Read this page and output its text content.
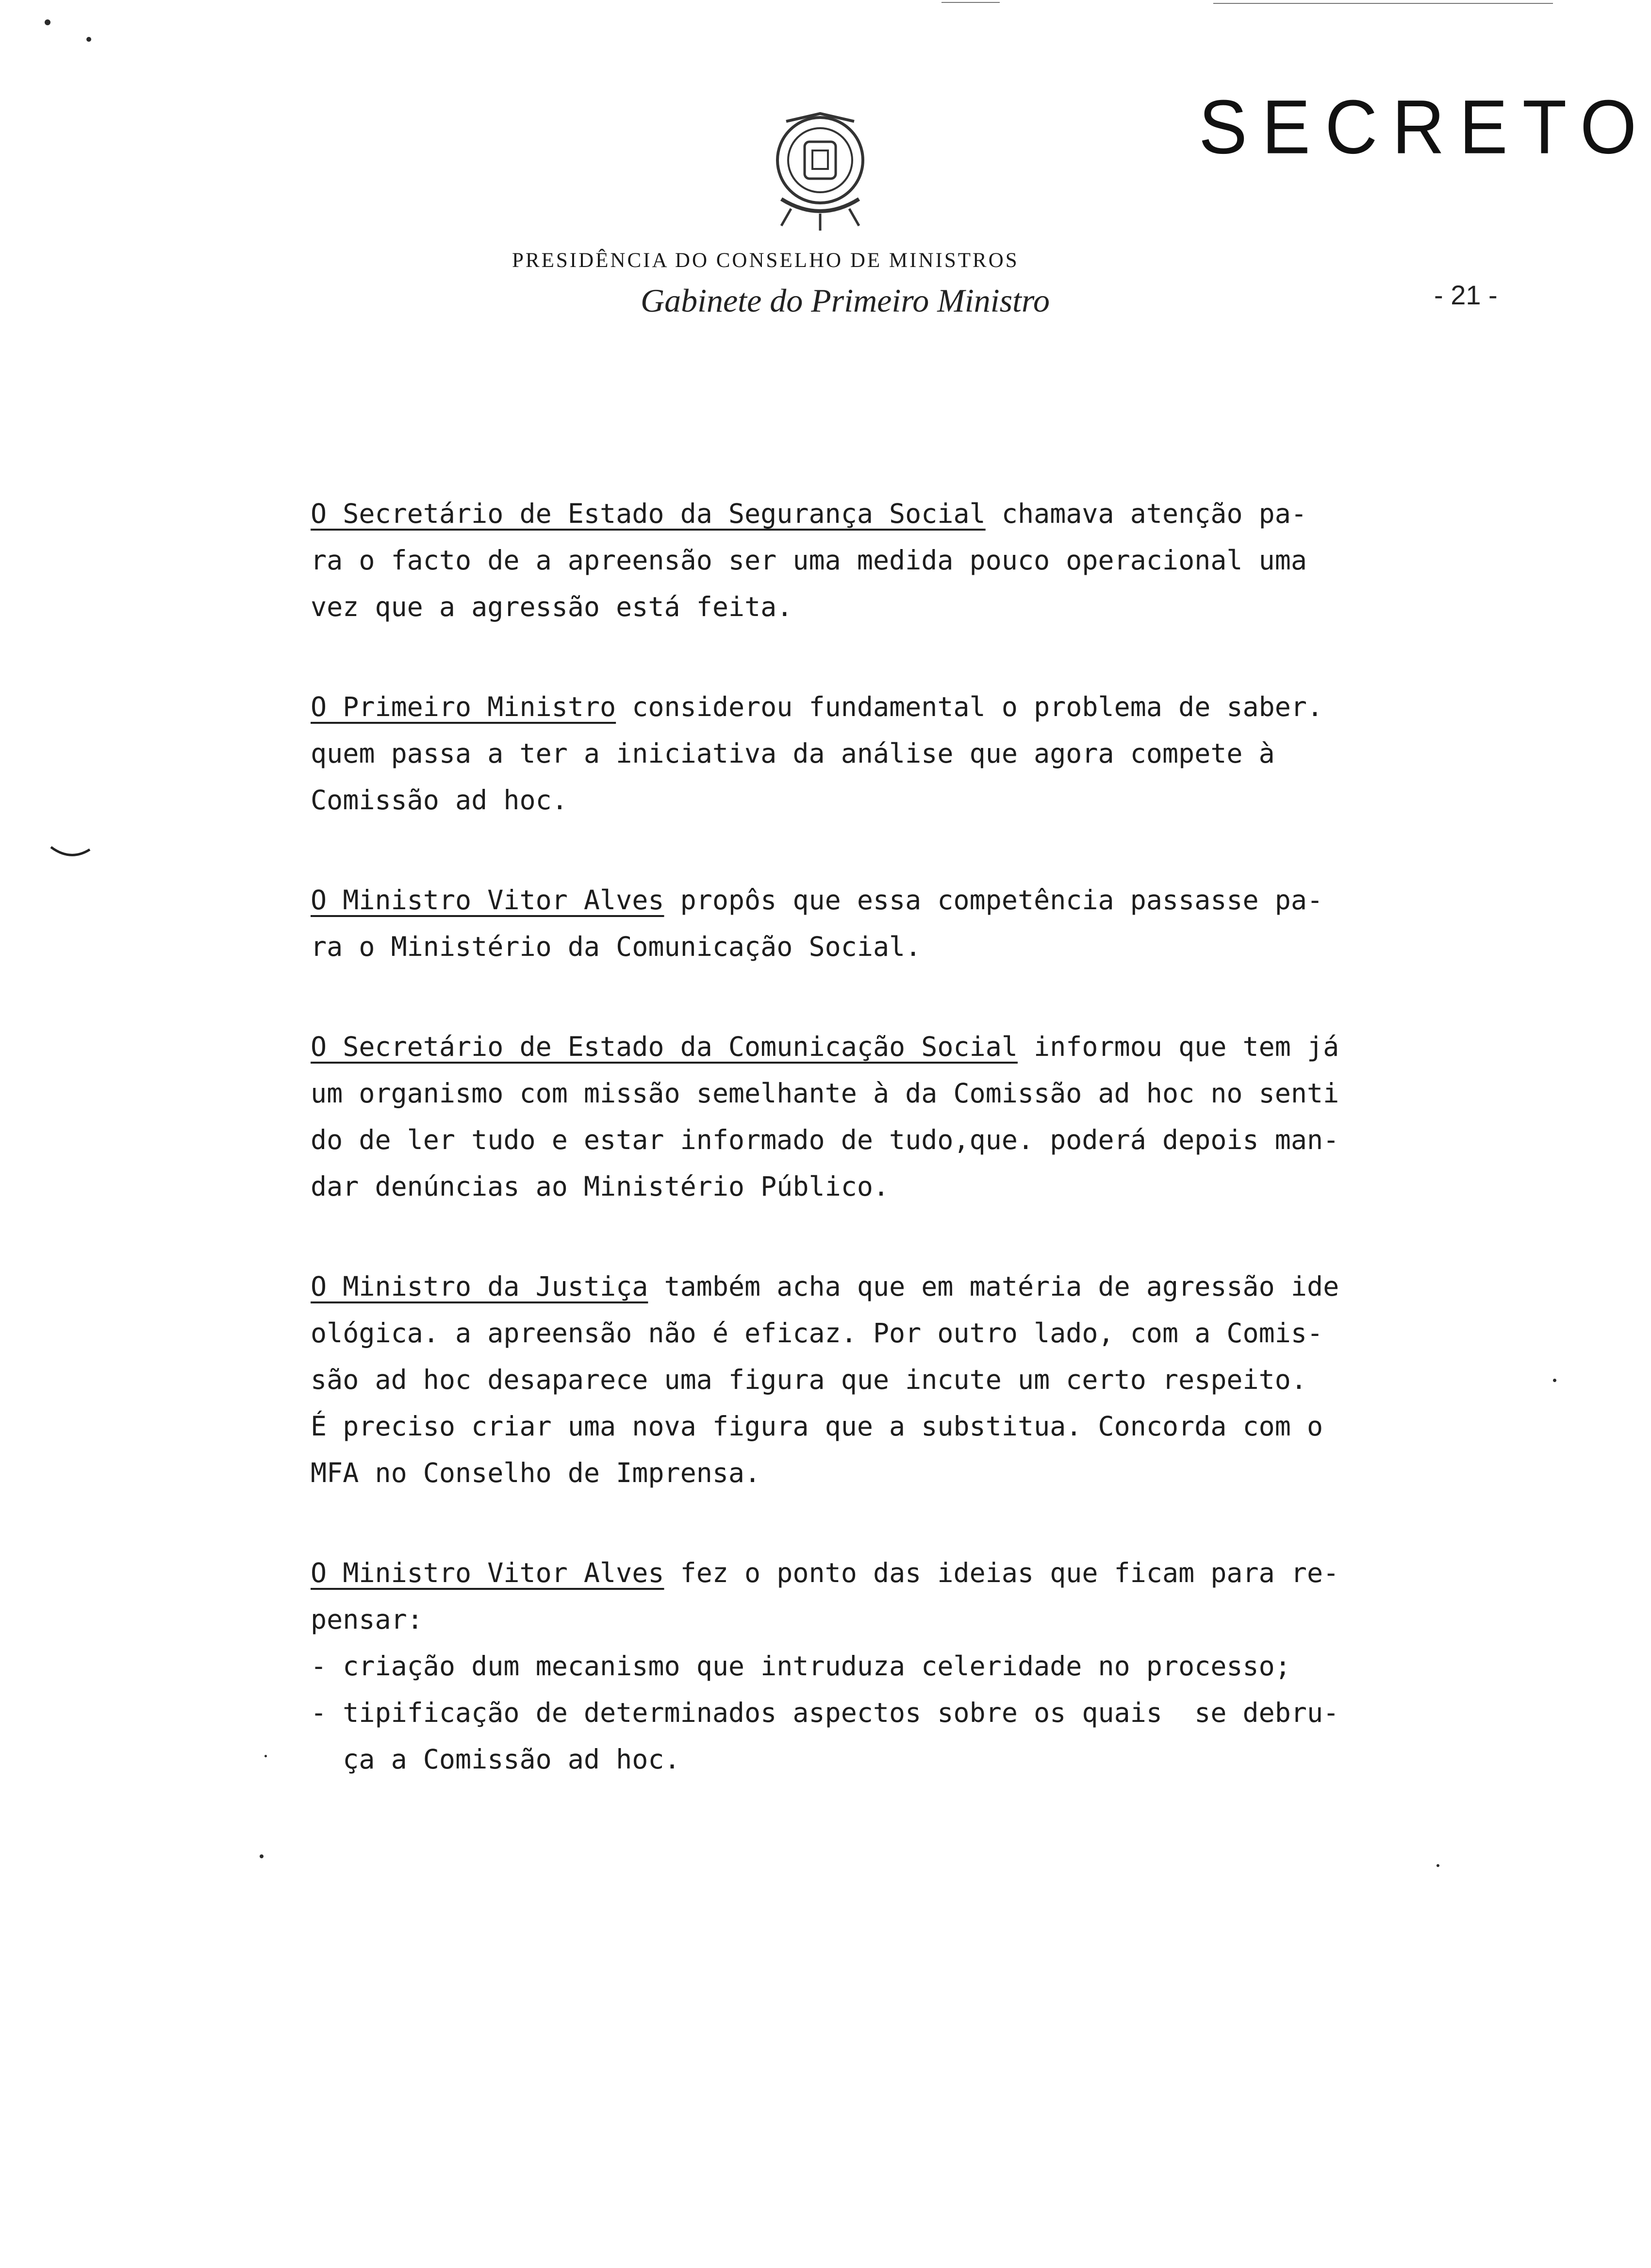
SECRETO
PRESIDÊNCIA DO CONSELHO DE MINISTROS
Gabinete do Primeiro Ministro	- 21 -
O Secretário de Estado da Segurança Social chamava atenção pa-
ra o facto de a apreensão ser uma medida pouco operacional uma
vez que a agressão está feita.
O Primeiro Ministro considerou fundamental o problema de saber.
quem passa a ter a iniciativa da análise que agora compete à
Comissão ad hoc.
O Ministro Vitor Alves propôs que essa competência passasse pa-
ra o Ministério da Comunicação Social.
O Secretário de Estado da Comunicação Social informou que tem já
um organismo com missão semelhante à da Comissão ad hoc no senti
do de ler tudo e estar informado de tudo,que. poderá depois man-
dar denúncias ao Ministério Público.
O Ministro da Justiça também acha que em matéria de agressão ide
ológica. a apreensão não é eficaz. Por outro lado, com a Comis-
são ad hoc desaparece uma figura que incute um certo respeito.
É preciso criar uma nova figura que a substitua. Concorda com o
MFA no Conselho de Imprensa.
O Ministro Vitor Alves fez o ponto das ideias que ficam para re-
pensar:
- criação dum mecanismo que intruduza celeridade no processo;
- tipificação de determinados aspectos sobre os quais  se debru-
ça a Comissão ad hoc.
